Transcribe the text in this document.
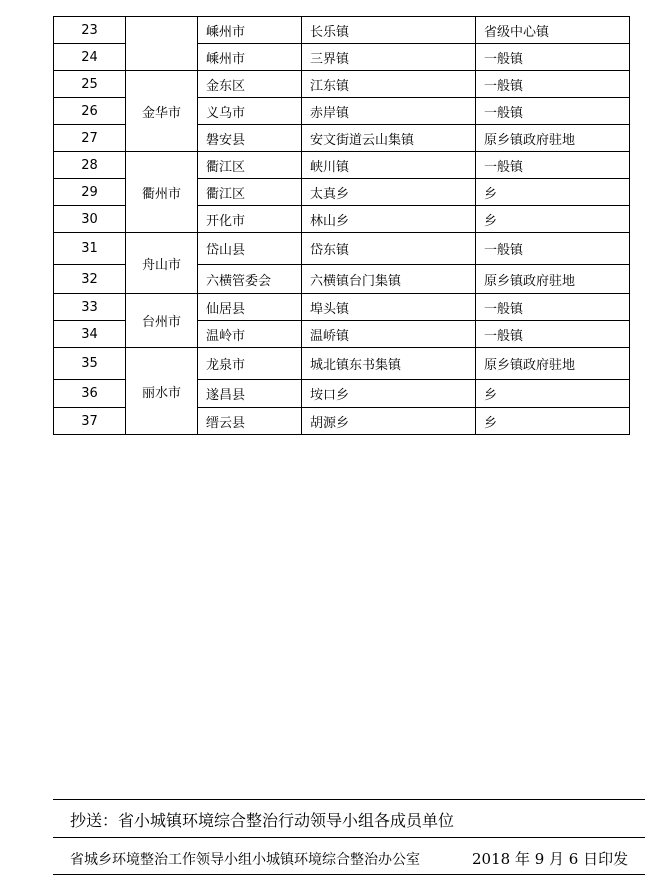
23		嵊州市	长乐镇	省级中心镇
24		嵊州市	三界镇	一般镇
25	金华市	金东区	江东镇	一般镇
26		义乌市	赤岸镇	一般镇
27		磐安县	安文街道云山集镇	原乡镇政府驻地
28	衢州市	衢江区	峡川镇	一般镇
29		衢江区	太真乡	乡
30		开化市	林山乡	乡
31	舟山市	岱山县	岱东镇	一般镇
32		六横管委会	六横镇台门集镇	原乡镇政府驻地
33	台州市	仙居县	埠头镇	一般镇
34		温岭市	温峤镇	一般镇
35	丽水市	龙泉市	城北镇东书集镇	原乡镇政府驻地
36		遂昌县	垵口乡	乡
37		缙云县	胡源乡	乡
抄送：省小城镇环境综合整治行动领导小组各成员单位
省城乡环境整治工作领导小组小城镇环境综合整治办公室	2018 年 9 月 6 日印发
